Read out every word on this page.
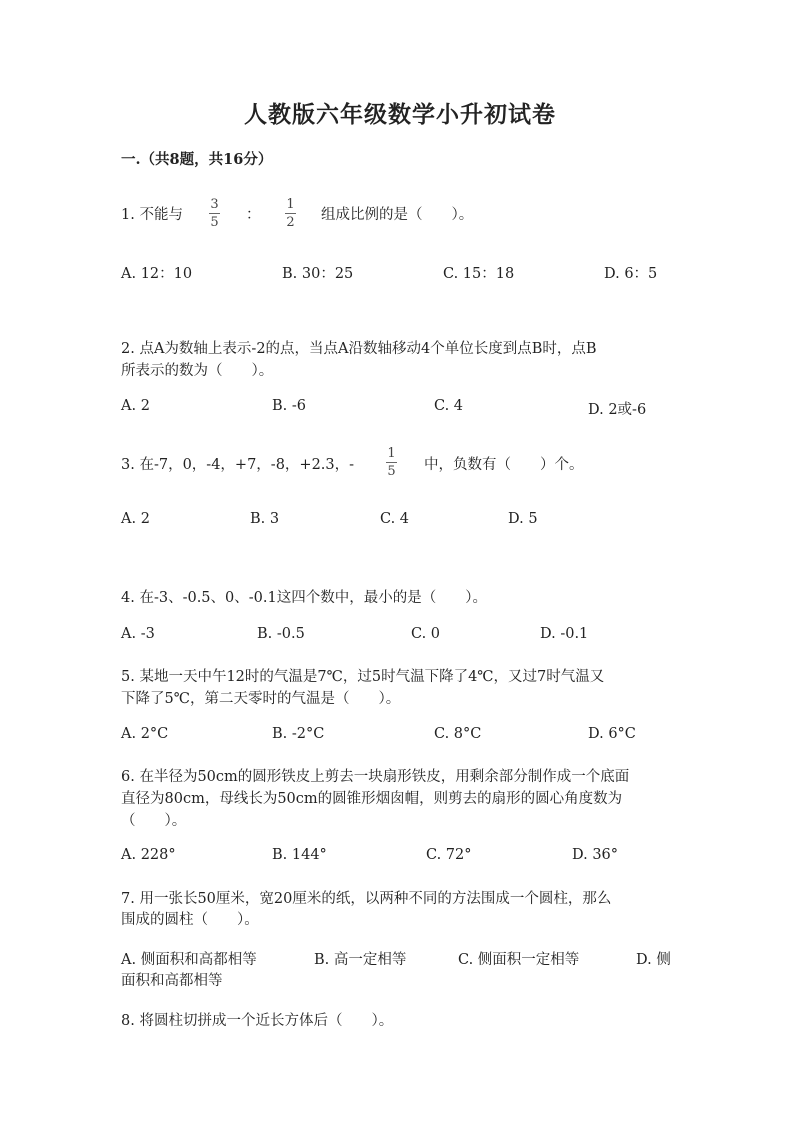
人教版六年级数学小升初试卷
一.（共8题，共16分）
1. 不能与
3
5 ：
1
2 组成比例的是（　　）。
A. 12：10	B. 30：25	C. 15：18	D. 6：5
2. 点A为数轴上表示-2的点，当点A沿数轴移动4个单位长度到点B时，点B
所表示的数为（　　）。
A. 2	B. -6	C. 4	D. 2或-6
3. 在-7，0，-4，+7，-8，+2.3，-
1
5 中，负数有（　　）个。
A. 2	B. 3	C. 4	D. 5
4. 在-3、-0.5、0、-0.1这四个数中，最小的是（　　）。
A. -3	B. -0.5	C. 0	D. -0.1
5. 某地一天中午12时的气温是7℃，过5时气温下降了4℃，又过7时气温又
下降了5℃，第二天零时的气温是（　　）。
A. 2°C	B. -2°C	C. 8°C	D. 6°C
6. 在半径为50cm的圆形铁皮上剪去一块扇形铁皮，用剩余部分制作成一个底面
直径为80cm，母线长为50cm的圆锥形烟囱帽，则剪去的扇形的圆心角度数为
（　　）。
A. 228°	B. 144°	C. 72°	D. 36°
7. 用一张长50厘米，宽20厘米的纸，以两种不同的方法围成一个圆柱，那么
围成的圆柱（　　）。
A. 侧面积和高都相等	B. 高一定相等	C. 侧面积一定相等	D. 侧
面积和高都相等
8. 将圆柱切拼成一个近长方体后（　　）。
